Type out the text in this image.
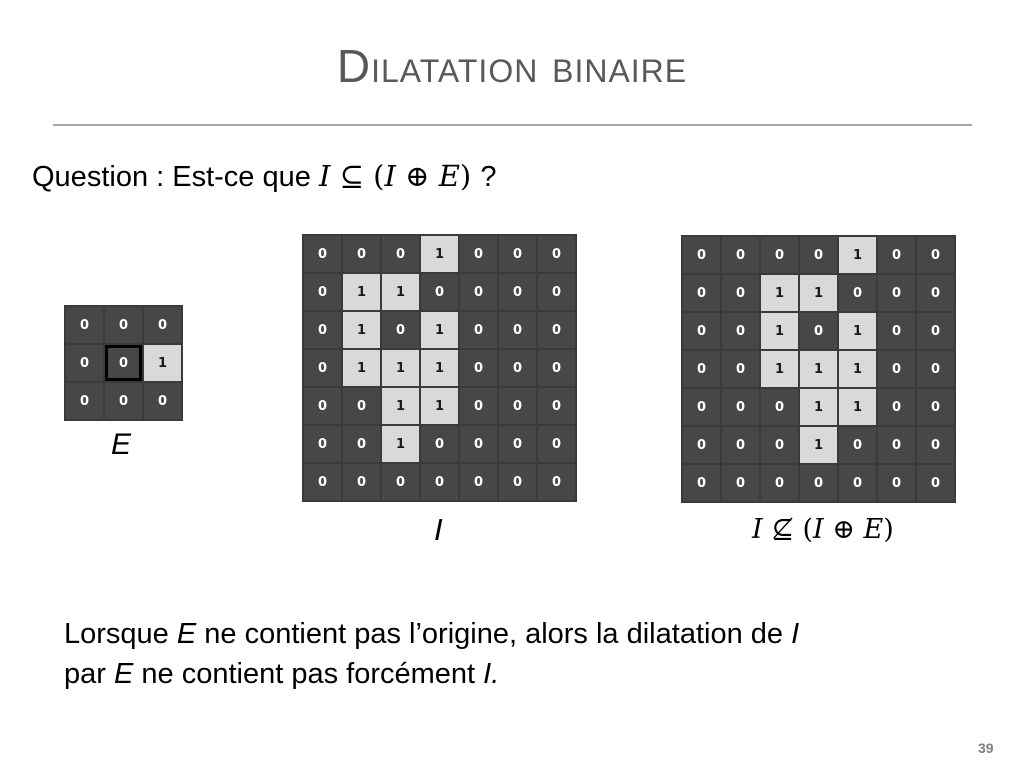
Dilatation binaire
Question : Est-ce que I ⊆ (I ⊕ E) ?
0	0	0
0	0	1
0	0	0
E
0	0	0	1	0	0	0
0	1	1	0	0	0	0
0	1	0	1	0	0	0
0	1	1	1	0	0	0
0	0	1	1	0	0	0
0	0	1	0	0	0	0
0	0	0	0	0	0	0
I
0	0	0	0	1	0	0
0	0	1	1	0	0	0
0	0	1	0	1	0	0
0	0	1	1	1	0	0
0	0	0	1	1	0	0
0	0	0	1	0	0	0
0	0	0	0	0	0	0
I ⊈ (I ⊕ E)
Lorsque E ne contient pas l’origine, alors la dilatation de I
par E ne contient pas forcément I.
39
